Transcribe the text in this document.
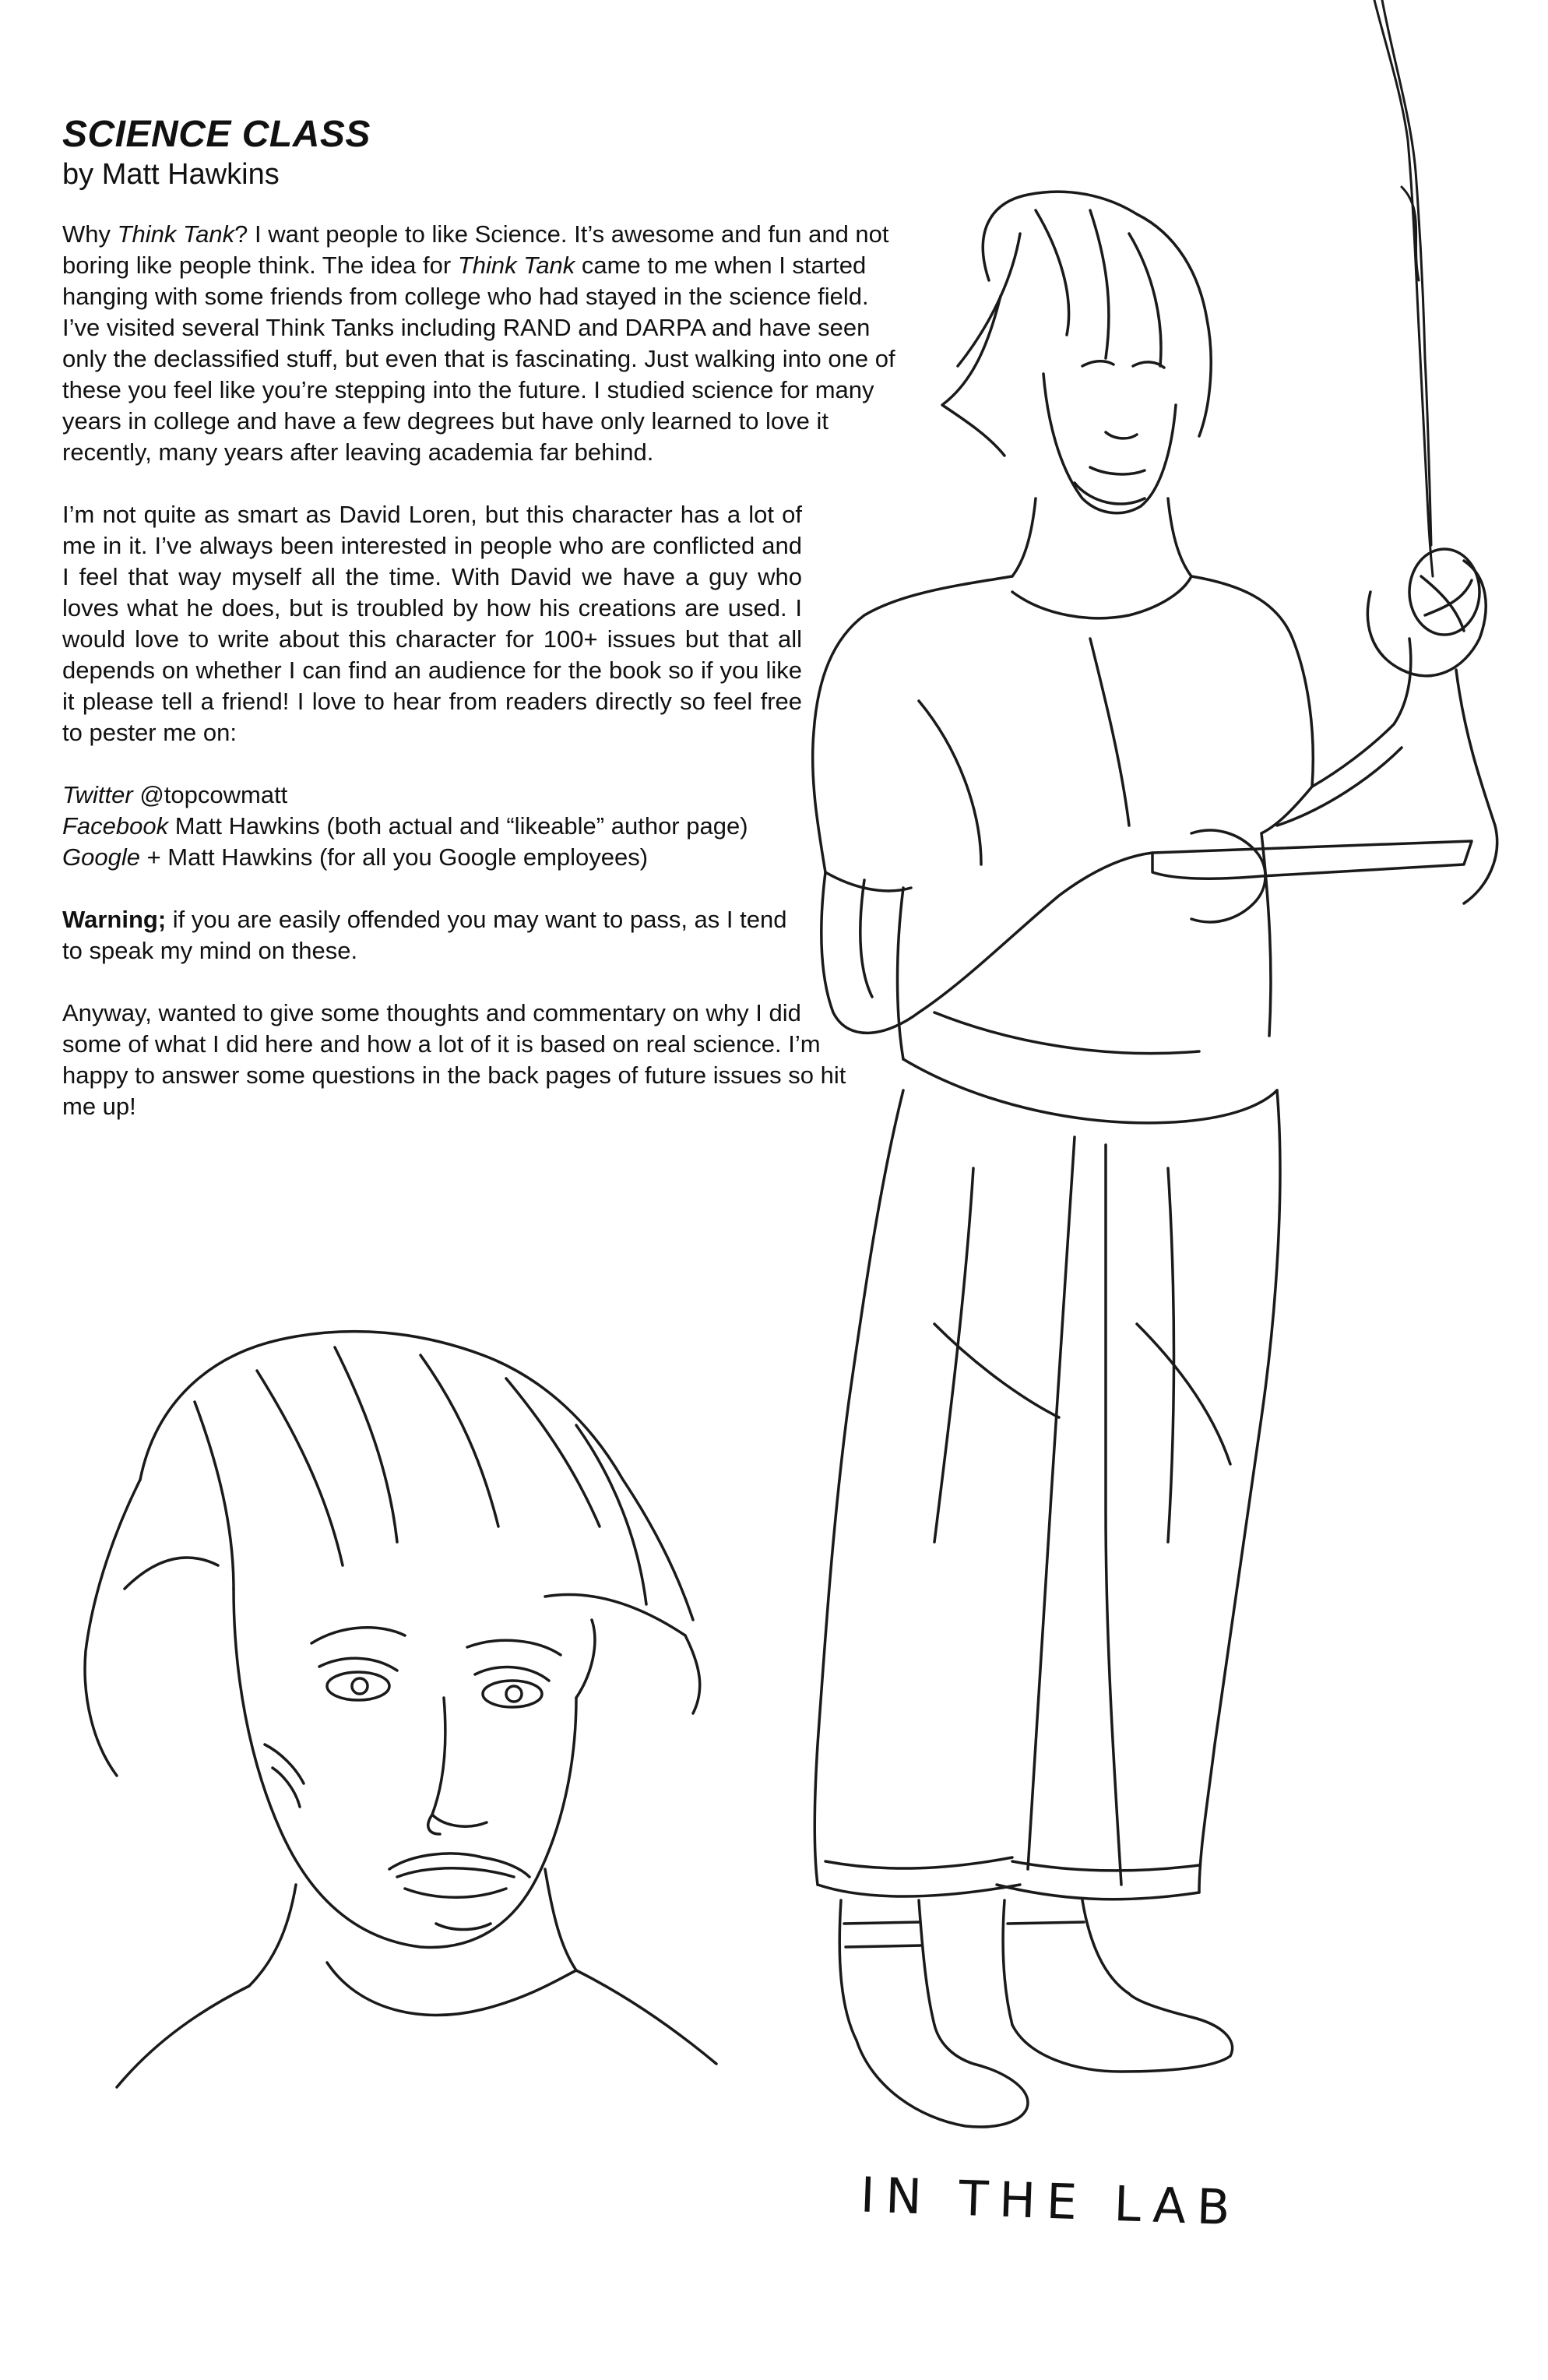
SCIENCE CLASS
by Matt Hawkins
Why Think Tank? I want people to like Science. It’s awesome and fun and not boring like people think. The idea for Think Tank came to me when I started hanging with some friends from college who had stayed in the science field. I’ve visited several Think Tanks including RAND and DARPA and have seen only the declassified stuff, but even that is fascinating. Just walking into one of these you feel like you’re stepping into the future. I studied science for many years in college and have a few degrees but have only learned to love it recently, many years after leaving academia far behind.
I’m not quite as smart as David Loren, but this character has a lot of me in it. I’ve always been interested in people who are conflicted and I feel that way myself all the time. With David we have a guy who loves what he does, but is troubled by how his creations are used. I would love to write about this character for 100+ issues but that all depends on whether I can find an audience for the book so if you like it please tell a friend! I love to hear from readers directly so feel free to pester me on:
Twitter @topcowmatt
Facebook Matt Hawkins (both actual and “likeable” author page)
Google + Matt Hawkins (for all you Google employees)
Warning; if you are easily offended you may want to pass, as I tend to speak my mind on these.
Anyway, wanted to give some thoughts and commentary on why I did some of what I did here and how a lot of it is based on real science. I’m happy to answer some questions in the back pages of future issues so hit me up!
IN THE LAB
